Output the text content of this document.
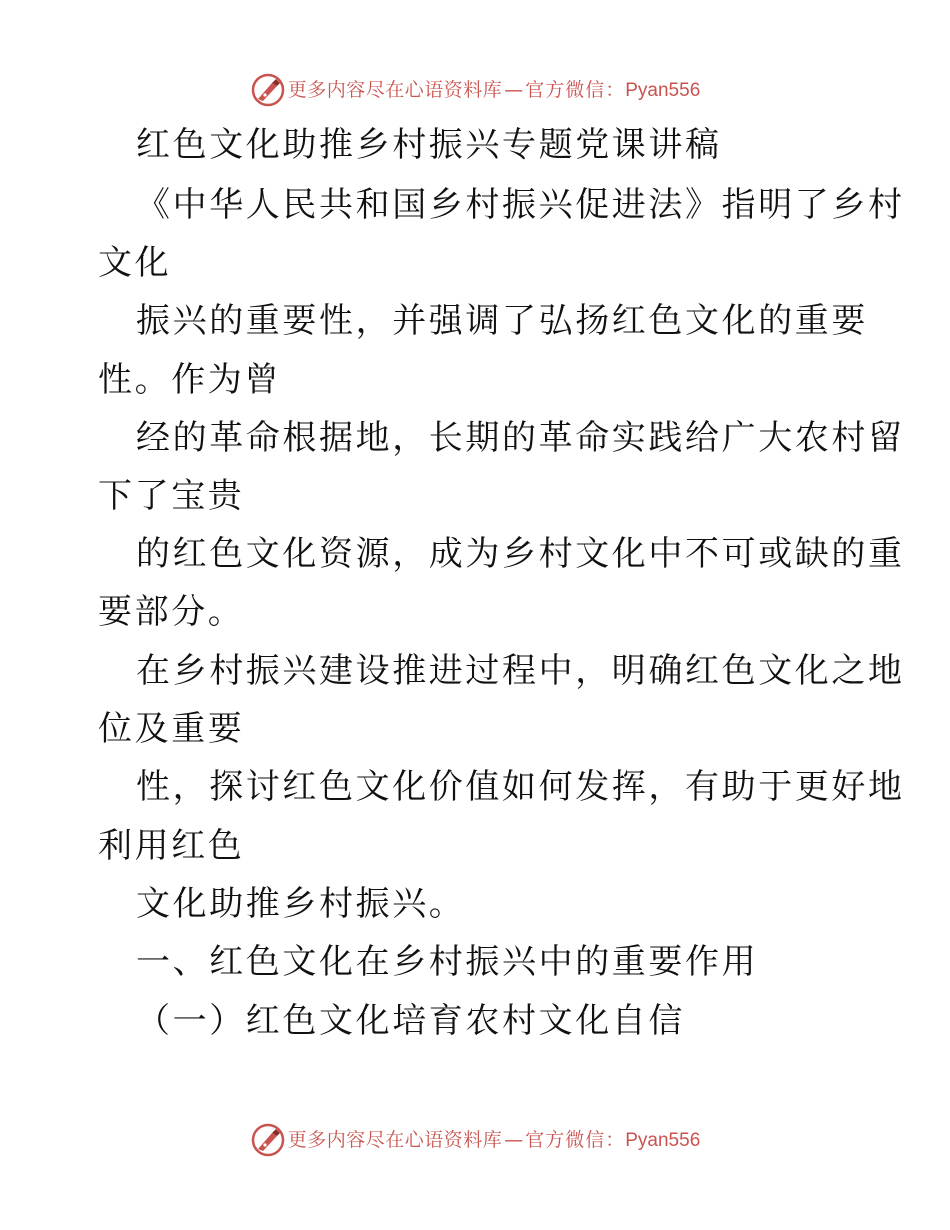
更多内容尽在心语资料库 — 官方微信： Pyan556
红色文化助推乡村振兴专题党课讲稿
《中华人民共和国乡村振兴促进法》指明了乡村
文化
振兴的重要性，并强调了弘扬红色文化的重要
性。作为曾
经的革命根据地，长期的革命实践给广大农村留
下了宝贵
的红色文化资源，成为乡村文化中不可或缺的重
要部分。
在乡村振兴建设推进过程中，明确红色文化之地
位及重要
性，探讨红色文化价值如何发挥，有助于更好地
利用红色
文化助推乡村振兴。
一、红色文化在乡村振兴中的重要作用
（一）红色文化培育农村文化自信
更多内容尽在心语资料库 — 官方微信： Pyan556
